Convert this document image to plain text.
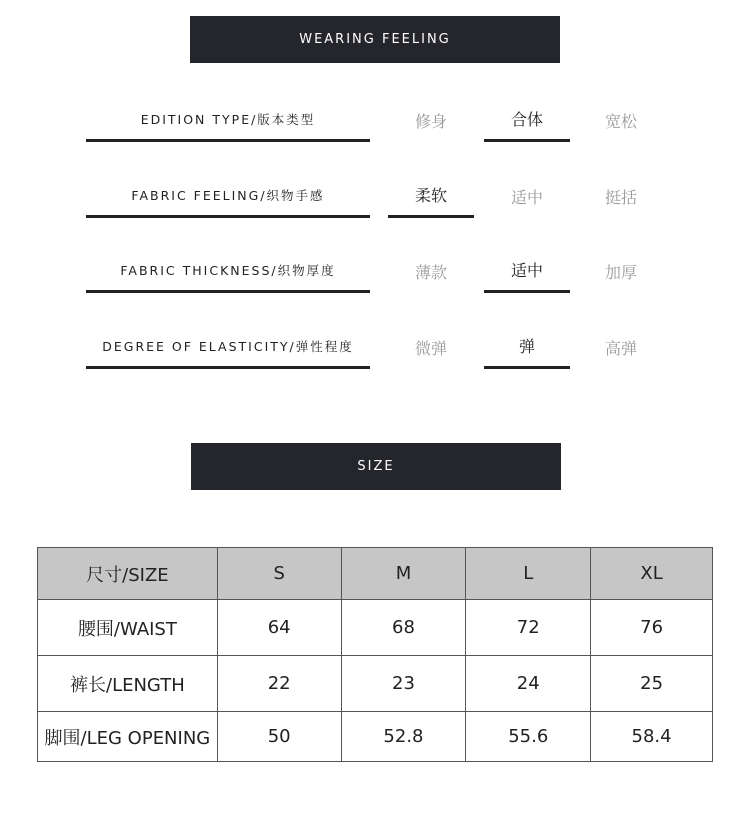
WEARING FEELING
EDITION TYPE/版本类型	修身	合体	宽松
FABRIC FEELING/织物手感	柔软	适中	挺括
FABRIC THICKNESS/织物厚度	薄款	适中	加厚
DEGREE OF ELASTICITY/弹性程度	微弹	弹	高弹
SIZE
尺寸/SIZE	S	M	L	XL
腰围/WAIST	64	68	72	76
裤长/LENGTH	22	23	24	25
脚围/LEG OPENING	50	52.8	55.6	58.4
